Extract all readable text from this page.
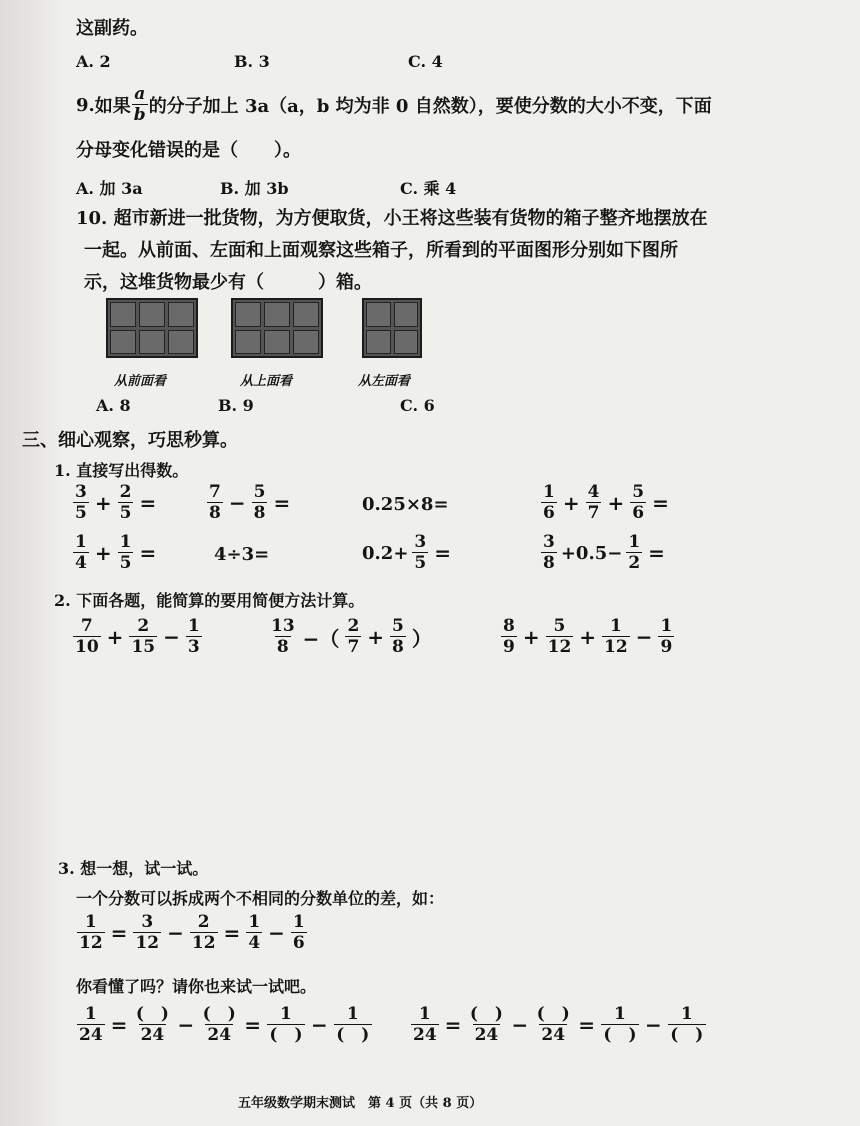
这副药。
A. 2	B. 3	C. 4
9. 如果 $\frac{a}{b}$ 的分子加上 3a（a，b 均为非 0 自然数），要使分数的大小不变，下面
分母变化错误的是（　　）。
A. 加 3a	B. 加 3b	C. 乘 4
10. 超市新进一批货物，为方便取货，小王将这些装有货物的箱子整齐地摆放在
一起。从前面、左面和上面观察这些箱子，所看到的平面图形分别如下图所
示，这堆货物最少有（　　　）箱。
从前面看	从上面看	从左面看
A. 8	B. 9	C. 6
三、细心观察，巧思秒算。
1. 直接写出得数。
$\frac{3}{5} + \frac{2}{5}$ =	$\frac{7}{8} - \frac{5}{8}$ =	0.25×8=	$\frac{1}{6} + \frac{4}{7} + \frac{5}{6}$ =
$\frac{1}{4} + \frac{1}{5}$ =	4÷3=	$0.2+ \frac{3}{5}$ =	$\frac{3}{8} +0.5- \frac{1}{2}$ =
2. 下面各题，能简算的要用简便方法计算。
$\frac{7}{10} + \frac{2}{15} - \frac{1}{3}$	$\frac{13}{8}$ −（ $\frac{2}{7} + \frac{5}{8}$ ）	$\frac{8}{9} + \frac{5}{12} + \frac{1}{12} - \frac{1}{9}$
3. 想一想，试一试。
一个分数可以拆成两个不相同的分数单位的差，如：
$\frac{1}{12} = \frac{3}{12} - \frac{2}{12} = \frac{1}{4} - \frac{1}{6}$
你看懂了吗？请你也来试一试吧。
$\frac{1}{24} = \frac{( )}{24} - \frac{( )}{24} = \frac{1}{( )} - \frac{1}{( )} \frac{1}{24} = \frac{( )}{24} - \frac{( )}{24} = \frac{1}{( )} - \frac{1}{( )}$
五年级数学期末测试　第 4 页（共 8 页）
